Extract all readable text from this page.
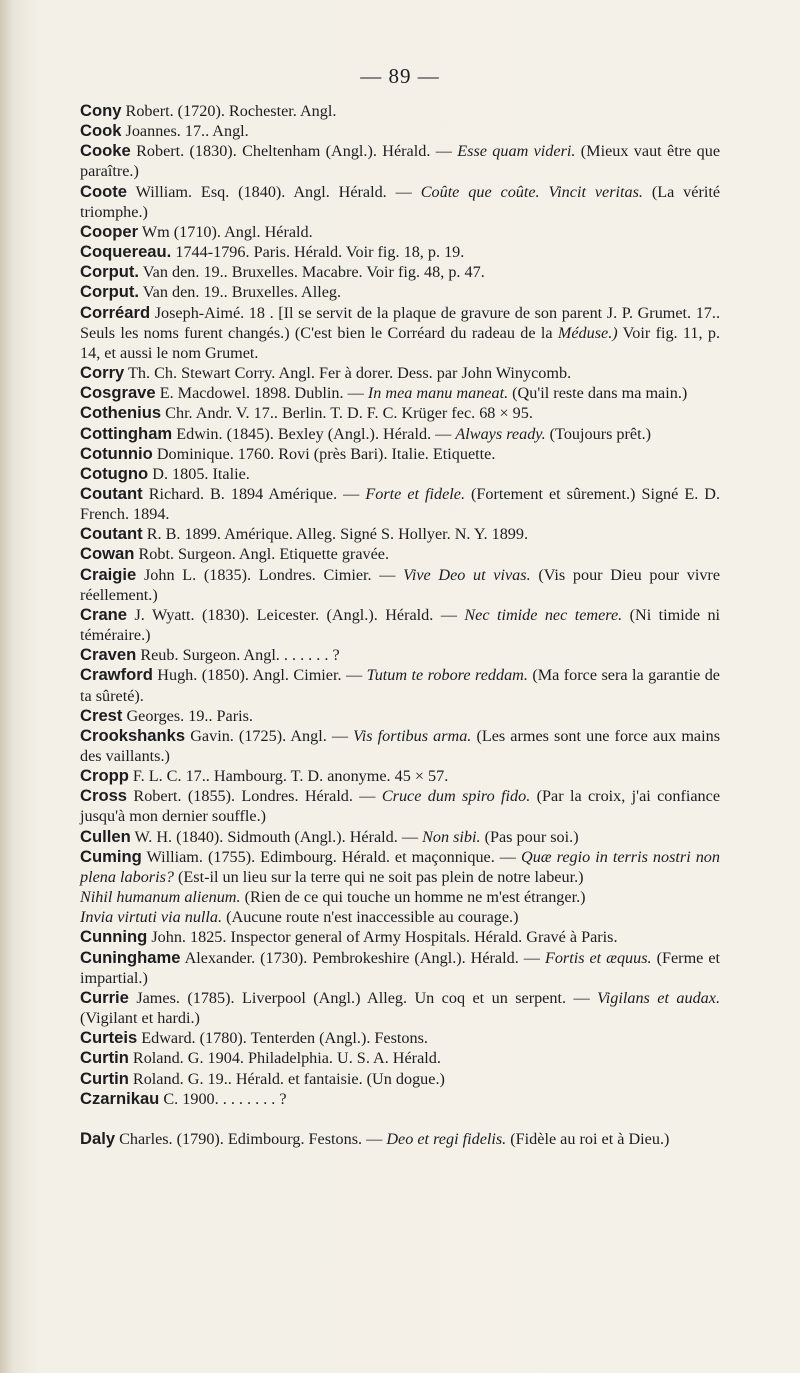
— 89 —

Cony Robert. (1720). Rochester. Angl.

Cook Joannes. 17.. Angl.

Cooke Robert. (1830). Cheltenham (Angl.). Hérald. — Esse quam videri. (Mieux vaut être que paraître.)

Coote William. Esq. (1840). Angl. Hérald. — Coûte que coûte. Vincit veritas. (La vérité triomphe.)

Cooper Wm (1710). Angl. Hérald.

Coquereau. 1744-1796. Paris. Hérald. Voir fig. 18, p. 19.

Corput. Van den. 19.. Bruxelles. Macabre. Voir fig. 48, p. 47.

Corput. Van den. 19.. Bruxelles. Alleg.

Corréard Joseph-Aimé. 18 . [Il se servit de la plaque de gravure de son parent J. P. Grumet. 17.. Seuls les noms furent changés.) (C'est bien le Corréard du radeau de la Méduse.) Voir fig. 11, p. 14, et aussi le nom Grumet.

Corry Th. Ch. Stewart Corry. Angl. Fer à dorer. Dess. par John Winycomb.

Cosgrave E. Macdowel. 1898. Dublin. — In mea manu maneat. (Qu'il reste dans ma main.)

Cothenius Chr. Andr. V. 17.. Berlin. T. D. F. C. Krüger fec. 68 × 95.

Cottingham Edwin. (1845). Bexley (Angl.). Hérald. — Always ready. (Toujours prêt.)

Cotunnio Dominique. 1760. Rovi (près Bari). Italie. Etiquette.

Cotugno D. 1805. Italie.

Coutant Richard. B. 1894 Amérique. — Forte et fidele. (Fortement et sûrement.) Signé E. D. French. 1894.

Coutant R. B. 1899. Amérique. Alleg. Signé S. Hollyer. N. Y. 1899.

Cowan Robt. Surgeon. Angl. Etiquette gravée.

Craigie John L. (1835). Londres. Cimier. — Vive Deo ut vivas. (Vis pour Dieu pour vivre réellement.)

Crane J. Wyatt. (1830). Leicester. (Angl.). Hérald. — Nec timide nec temere. (Ni timide ni téméraire.)

Craven Reub. Surgeon. Angl. . . . . . . ?

Crawford Hugh. (1850). Angl. Cimier. — Tutum te robore reddam. (Ma force sera la garantie de ta sûreté).

Crest Georges. 19.. Paris.

Crookshanks Gavin. (1725). Angl. — Vis fortibus arma. (Les armes sont une force aux mains des vaillants.)

Cropp F. L. C. 17.. Hambourg. T. D. anonyme. 45 × 57.

Cross Robert. (1855). Londres. Hérald. — Cruce dum spiro fido. (Par la croix, j'ai confiance jusqu'à mon dernier souffle.)

Cullen W. H. (1840). Sidmouth (Angl.). Hérald. — Non sibi. (Pas pour soi.)

Cuming William. (1755). Edimbourg. Hérald. et maçonnique. — Quæ regio in terris nostri non plena laboris? (Est-il un lieu sur la terre qui ne soit pas plein de notre labeur.)

Nihil humanum alienum. (Rien de ce qui touche un homme ne m'est étranger.)

Invia virtuti via nulla. (Aucune route n'est inaccessible au courage.)

Cunning John. 1825. Inspector general of Army Hospitals. Hérald. Gravé à Paris.

Cuninghame Alexander. (1730). Pembrokeshire (Angl.). Hérald. — Fortis et æquus. (Ferme et impartial.)

Currie James. (1785). Liverpool (Angl.) Alleg. Un coq et un serpent. — Vigilans et audax. (Vigilant et hardi.)

Curteis Edward. (1780). Tenterden (Angl.). Festons.

Curtin Roland. G. 1904. Philadelphia. U. S. A. Hérald.

Curtin Roland. G. 19.. Hérald. et fantaisie. (Un dogue.)

Czarnikau C. 1900. . . . . . . . ?

Daly Charles. (1790). Edimbourg. Festons. — Deo et regi fidelis. (Fidèle au roi et à Dieu.)
